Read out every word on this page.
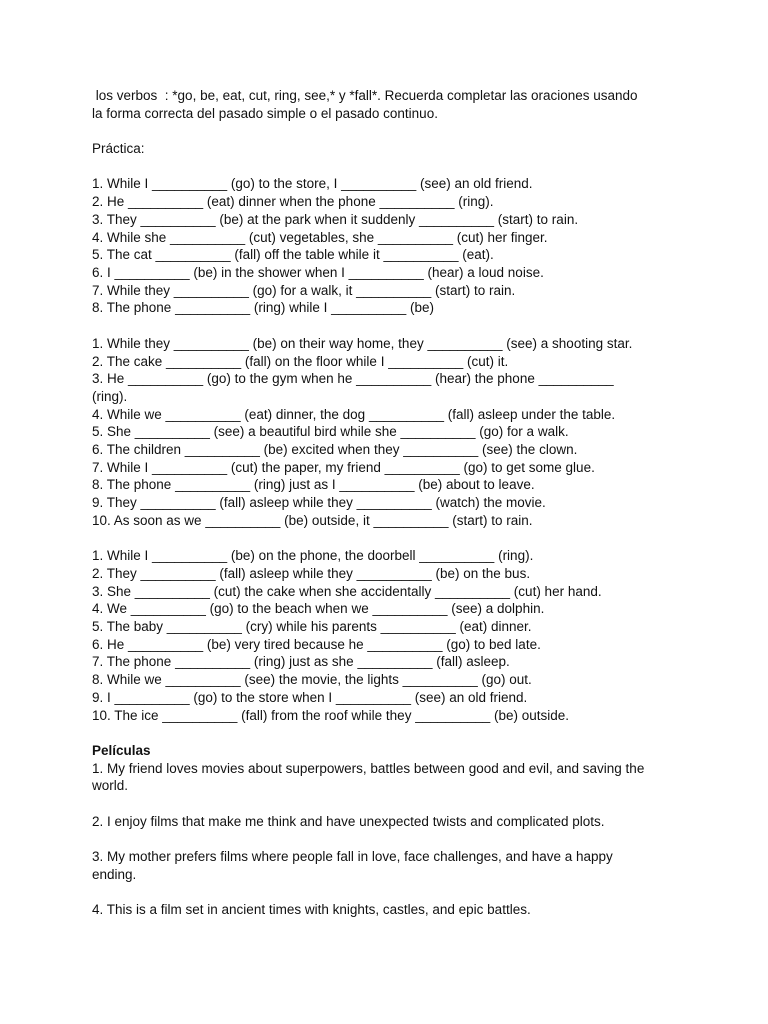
los verbos  : *go, be, eat, cut, ring, see,* y *fall*. Recuerda completar las oraciones usando

la forma correcta del pasado simple o el pasado continuo.

Práctica:

1. While I __________ (go) to the store, I __________ (see) an old friend.

2. He __________ (eat) dinner when the phone __________ (ring).

3. They __________ (be) at the park when it suddenly __________ (start) to rain.

4. While she __________ (cut) vegetables, she __________ (cut) her finger.

5. The cat __________ (fall) off the table while it __________ (eat).

6. I __________ (be) in the shower when I __________ (hear) a loud noise.

7. While they __________ (go) for a walk, it __________ (start) to rain.

8. The phone __________ (ring) while I __________ (be)

1. While they __________ (be) on their way home, they __________ (see) a shooting star.

2. The cake __________ (fall) on the floor while I __________ (cut) it.

3. He __________ (go) to the gym when he __________ (hear) the phone __________

(ring).

4. While we __________ (eat) dinner, the dog __________ (fall) asleep under the table.

5. She __________ (see) a beautiful bird while she __________ (go) for a walk.

6. The children __________ (be) excited when they __________ (see) the clown.

7. While I __________ (cut) the paper, my friend __________ (go) to get some glue.

8. The phone __________ (ring) just as I __________ (be) about to leave.

9. They __________ (fall) asleep while they __________ (watch) the movie.

10. As soon as we __________ (be) outside, it __________ (start) to rain.

1. While I __________ (be) on the phone, the doorbell __________ (ring).

2. They __________ (fall) asleep while they __________ (be) on the bus.

3. She __________ (cut) the cake when she accidentally __________ (cut) her hand.

4. We __________ (go) to the beach when we __________ (see) a dolphin.

5. The baby __________ (cry) while his parents __________ (eat) dinner.

6. He __________ (be) very tired because he __________ (go) to bed late.

7. The phone __________ (ring) just as she __________ (fall) asleep.

8. While we __________ (see) the movie, the lights __________ (go) out.

9. I __________ (go) to the store when I __________ (see) an old friend.

10. The ice __________ (fall) from the roof while they __________ (be) outside.

Películas

1. My friend loves movies about superpowers, battles between good and evil, and saving the

world.

2. I enjoy films that make me think and have unexpected twists and complicated plots.

3. My mother prefers films where people fall in love, face challenges, and have a happy

ending.

4. This is a film set in ancient times with knights, castles, and epic battles.
